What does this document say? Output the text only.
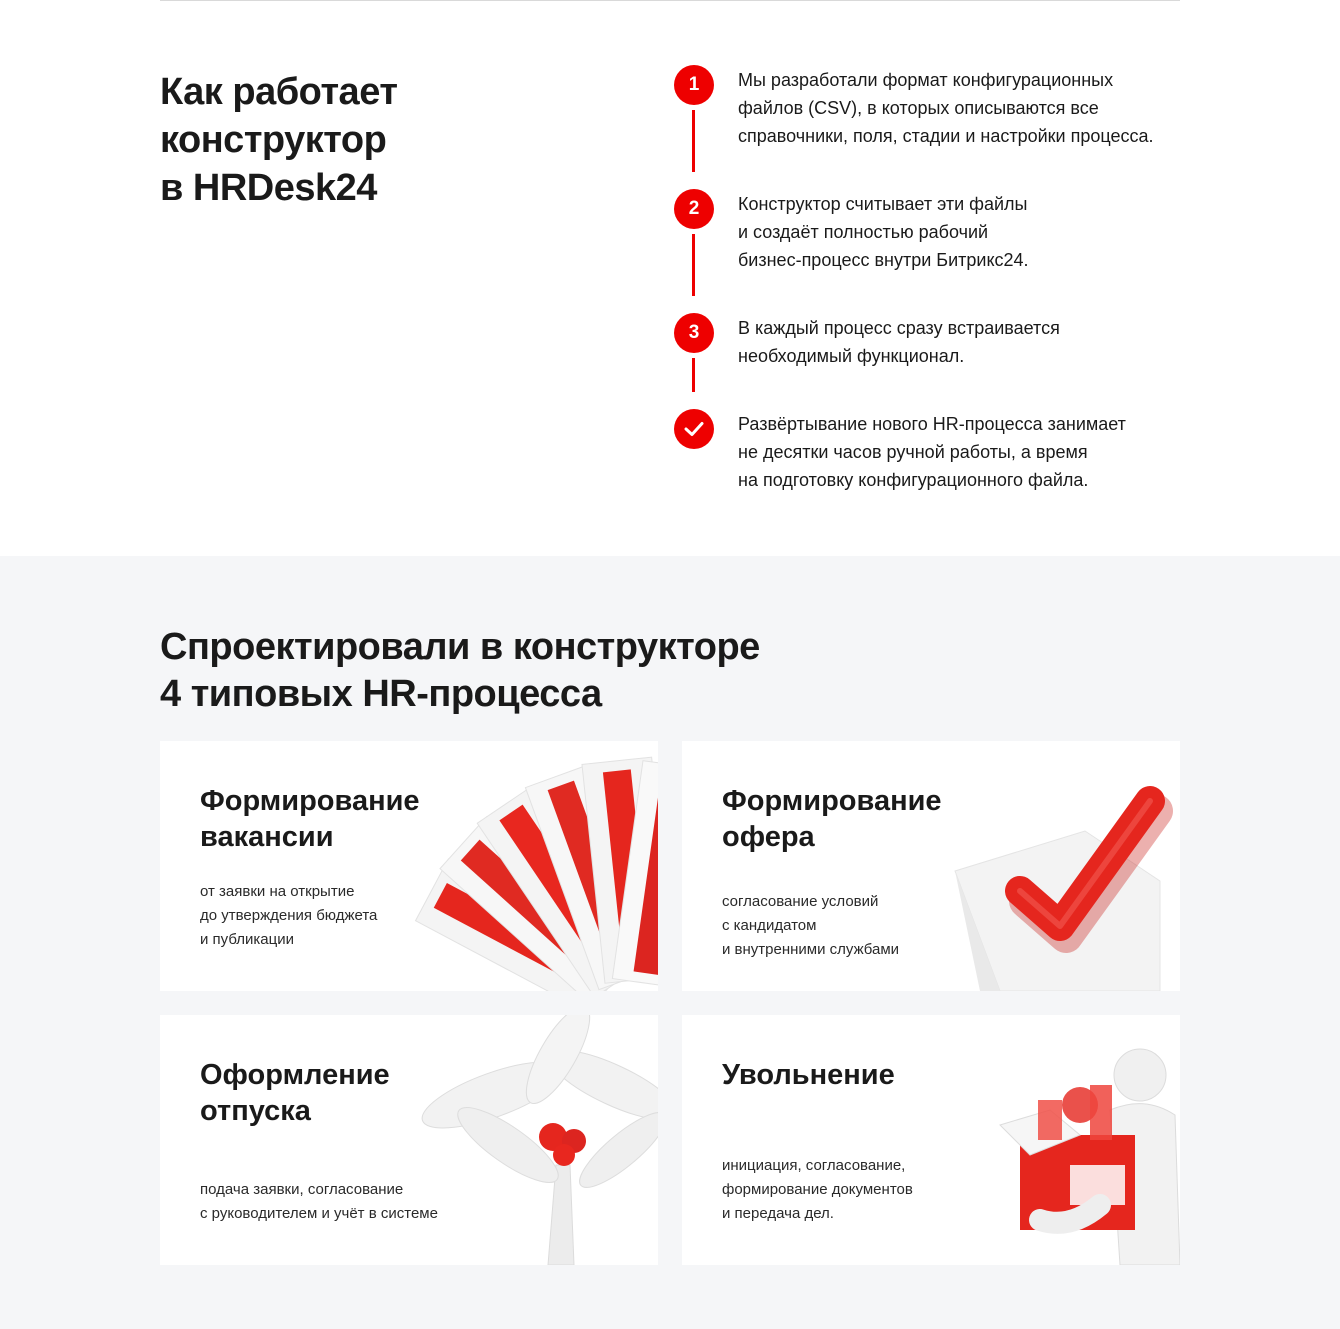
Как работает
конструктор
в HRDesk24
1	Мы разработали формат конфигурационных
файлов (CSV), в которых описываются все
справочники, поля, стадии и настройки процесса.

2	Конструктор считывает эти файлы
и создаёт полностью рабочий
бизнес-процесс внутри Битрикс24.

3	В каждый процесс сразу встраивается
необходимый функционал.

Развёртывание нового HR-процесса занимает
не десятки часов ручной работы, а время
на подготовку конфигурационного файла.

Спроектировали в конструкторе
4 типовых HR-процесса
Формирование
вакансии

от заявки на открытие
до утверждения бюджета
и публикации

Формирование
офера

согласование условий
с кандидатом
и внутренними службами

Оформление
отпуска

подача заявки, согласование
с руководителем и учёт в системе

Увольнение

инициация, согласование,
формирование документов
и передача дел.
